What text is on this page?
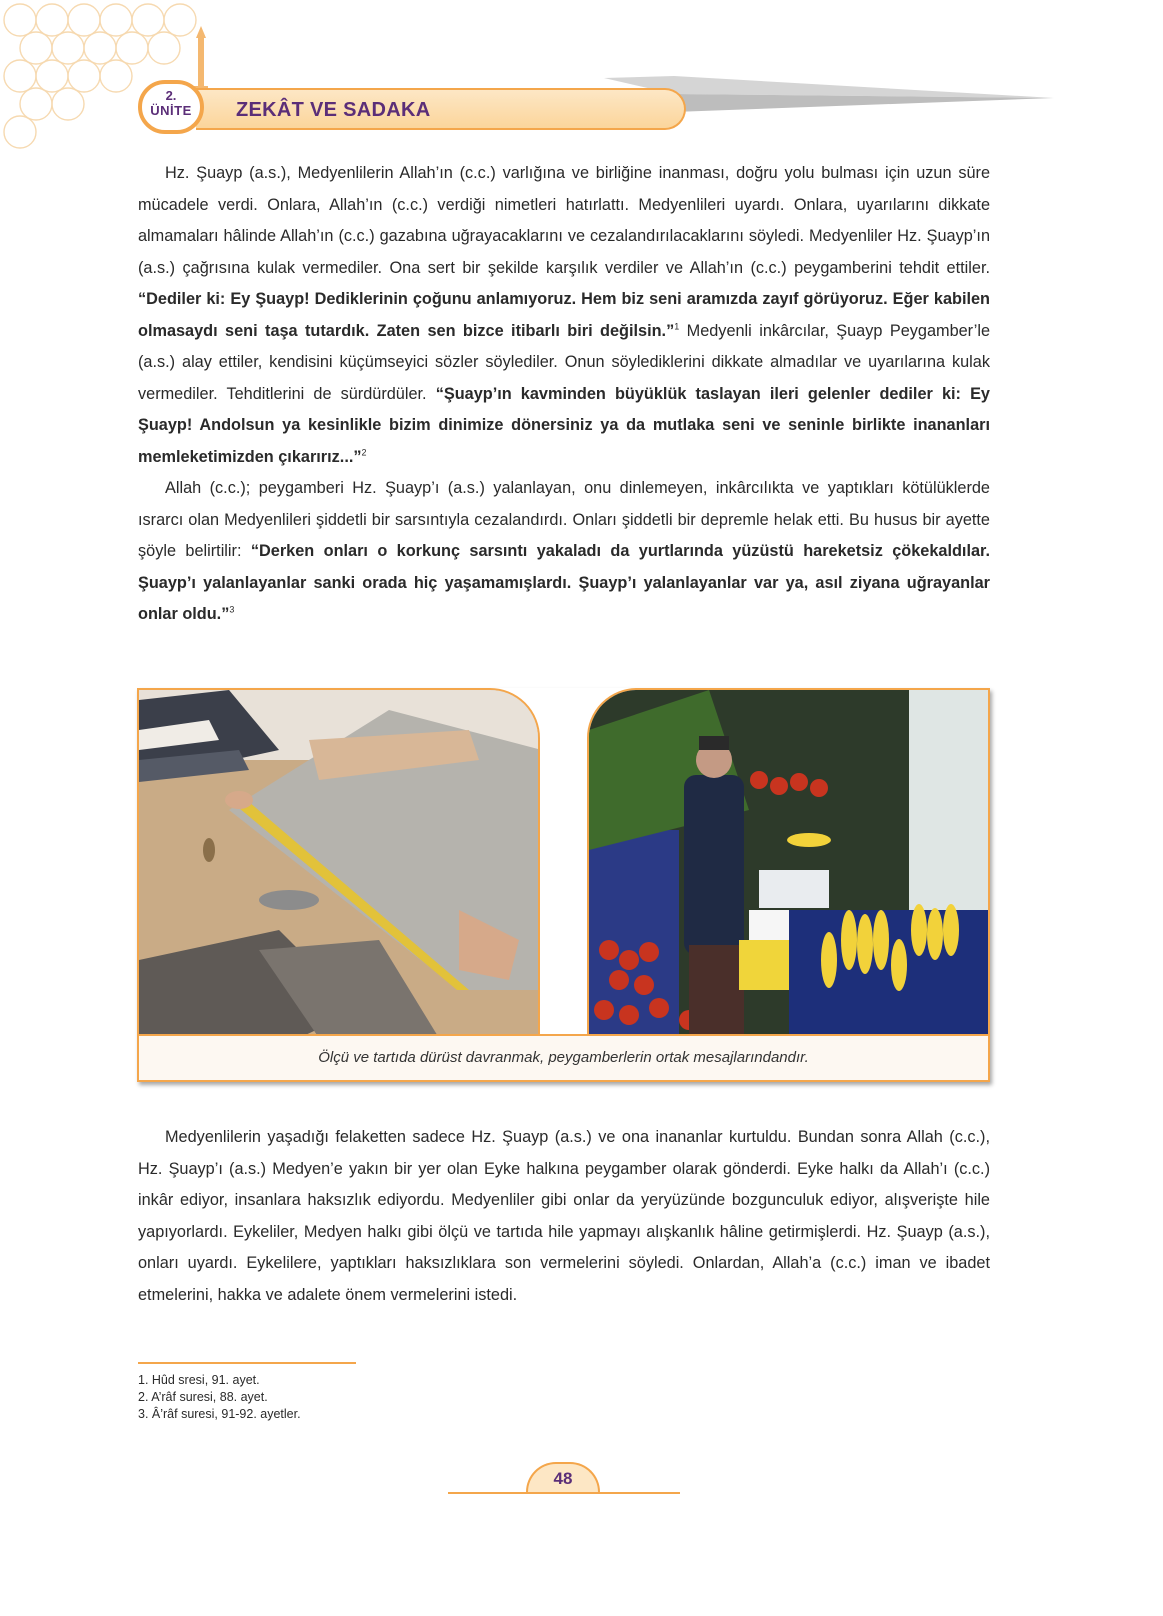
ZEKÂT VE SADAKA
2.
ÜNİTE

Hz. Şuayp (a.s.), Medyenlilerin Allah’ın (c.c.) varlığına ve birliğine inanması, doğru yolu bulması için uzun süre mücadele verdi. Onlara, Allah’ın (c.c.) verdiği nimetleri hatırlattı. Medyenlileri uyardı. Onlara, uyarılarını dikkate almamaları hâlinde Allah’ın (c.c.) gazabına uğrayacaklarını ve cezalandırılacaklarını söyledi. Medyenliler Hz. Şuayp’ın (a.s.) çağrısına kulak vermediler. Ona sert bir şekilde karşılık verdiler ve Allah’ın (c.c.) peygamberini tehdit ettiler. “Dediler ki: Ey Şuayp! Dediklerinin çoğunu anlamıyoruz. Hem biz seni aramızda zayıf görüyoruz. Eğer kabilen olmasaydı seni taşa tutardık. Zaten sen bizce itibarlı biri değilsin.”$^1$ Medyenli inkârcılar, Şuayp Peygamber’le (a.s.) alay ettiler, kendisini küçümseyici sözler söylediler. Onun söylediklerini dikkate almadılar ve uyarılarına kulak vermediler. Tehditlerini de sürdürdüler. “Şuayp’ın kavminden büyüklük taslayan ileri gelenler dediler ki: Ey Şuayp! Andolsun ya kesinlikle bizim dinimize dönersiniz ya da mutlaka seni ve seninle birlikte inananları memleketimizden çıkarırız...”$^2$

Allah (c.c.); peygamberi Hz. Şuayp’ı (a.s.) yalanlayan, onu dinlemeyen, inkârcılıkta ve yaptıkları kötülüklerde ısrarcı olan Medyenlileri şiddetli bir sarsıntıyla cezalandırdı. Onları şiddetli bir depremle helak etti. Bu husus bir ayette şöyle belirtilir: “Derken onları o korkunç sarsıntı yakaladı da yurtlarında yüzüstü hareketsiz çökekaldılar. Şuayp’ı yalanlayanlar sanki orada hiç yaşamamışlardı. Şuayp’ı yalanlayanlar var ya, asıl ziyana uğrayanlar onlar oldu.”$^3$

Ölçü ve tartıda dürüst davranmak, peygamberlerin ortak mesajlarındandır.

Medyenlilerin yaşadığı felaketten sadece Hz. Şuayp (a.s.) ve ona inananlar kurtuldu. Bundan sonra Allah (c.c.), Hz. Şuayp’ı (a.s.) Medyen’e yakın bir yer olan Eyke halkına peygamber olarak gönderdi. Eyke halkı da Allah’ı (c.c.) inkâr ediyor, insanlara haksızlık ediyordu. Medyenliler gibi onlar da yeryüzünde bozgunculuk ediyor, alışverişte hile yapıyorlardı. Eykeliler, Medyen halkı gibi ölçü ve tartıda hile yapmayı alışkanlık hâline getirmişlerdi. Hz. Şuayp (a.s.), onları uyardı. Eykelilere, yaptıkları haksızlıklara son vermelerini söyledi. Onlardan, Allah’a (c.c.) iman ve ibadet etmelerini, hakka ve adalete önem vermelerini istedi.

1. Hûd sresi, 91. ayet.
2. A’râf suresi, 88. ayet.
3. Â’râf suresi, 91-92. ayetler.
48
